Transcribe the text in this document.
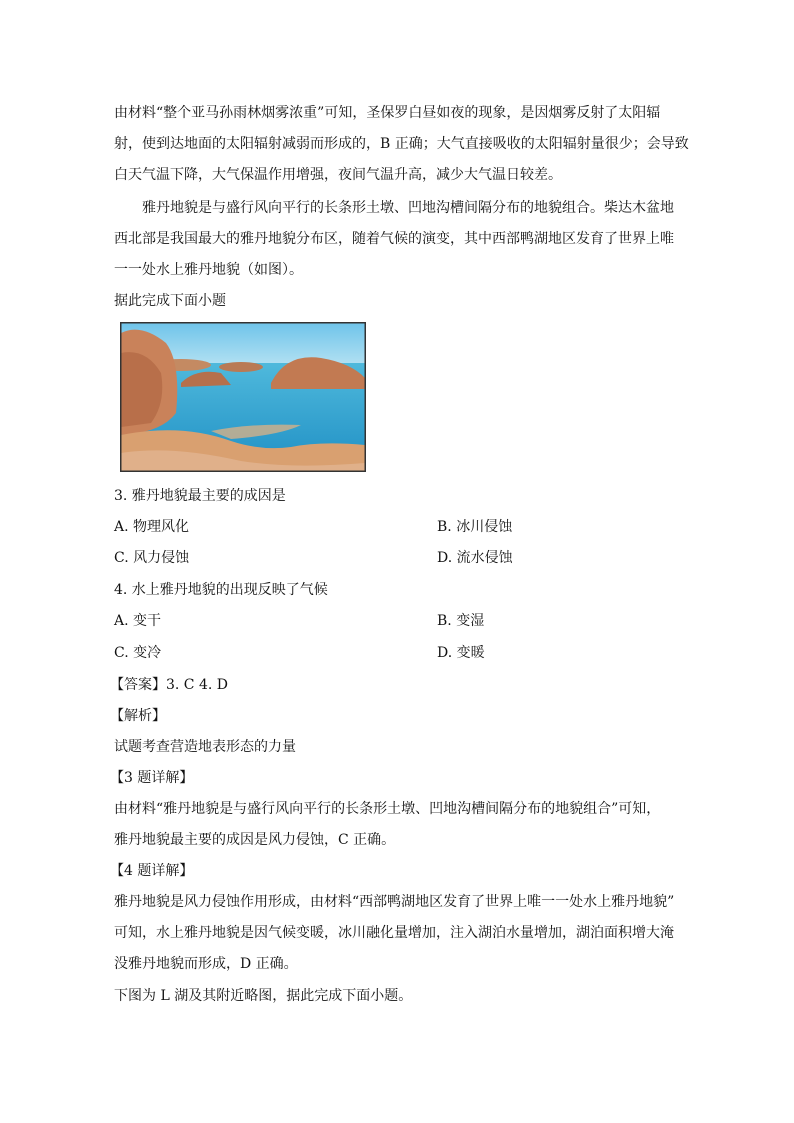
由材料“整个亚马孙雨林烟雾浓重”可知，圣保罗白昼如夜的现象，是因烟雾反射了太阳辐
射，使到达地面的太阳辐射减弱而形成的，B 正确；大气直接吸收的太阳辐射量很少；会导致
白天气温下降，大气保温作用增强，夜间气温升高，减少大气温日较差。
雅丹地貌是与盛行风向平行的长条形土墩、凹地沟槽间隔分布的地貌组合。柴达木盆地
西北部是我国最大的雅丹地貌分布区，随着气候的演变，其中西部鸭湖地区发育了世界上唯
一一处水上雅丹地貌（如图）。
据此完成下面小题
3. 雅丹地貌最主要的成因是
A. 物理风化	B. 冰川侵蚀
C. 风力侵蚀	D. 流水侵蚀
4. 水上雅丹地貌的出现反映了气候
A. 变干	B. 变湿
C. 变冷	D. 变暖
【答案】3. C 4. D
【解析】
试题考查营造地表形态的力量
【3 题详解】
由材料“雅丹地貌是与盛行风向平行的长条形土墩、凹地沟槽间隔分布的地貌组合”可知，
雅丹地貌最主要的成因是风力侵蚀，C 正确。
【4 题详解】
雅丹地貌是风力侵蚀作用形成，由材料“西部鸭湖地区发育了世界上唯一一处水上雅丹地貌”
可知，水上雅丹地貌是因气候变暖，冰川融化量增加，注入湖泊水量增加，湖泊面积增大淹
没雅丹地貌而形成，D 正确。
下图为 L 湖及其附近略图，据此完成下面小题。
